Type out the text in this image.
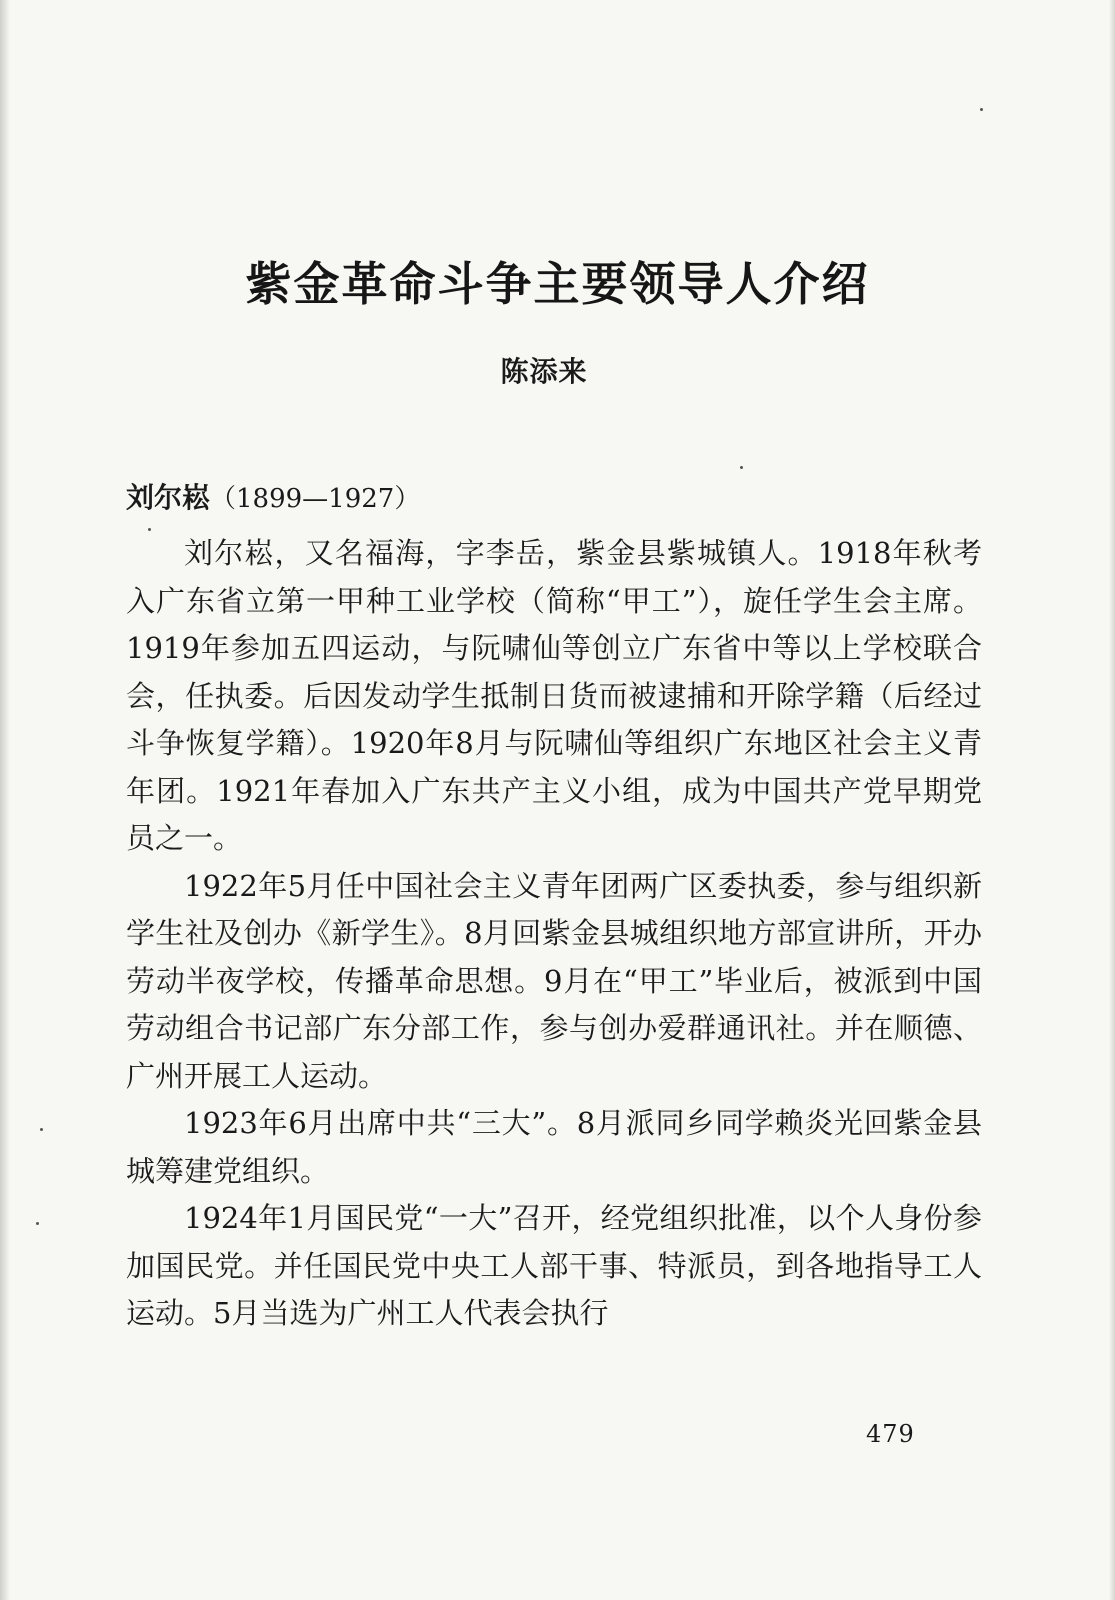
紫金革命斗争主要领导人介绍
陈添来
刘尔崧（1899—1927）

刘尔崧，又名福海，字李岳，紫金县紫城镇人。1918年秋考入广东省立第一甲种工业学校（简称“甲工”），旋任学生会主席。1919年参加五四运动，与阮啸仙等创立广东省中等以上学校联合会，任执委。后因发动学生抵制日货而被逮捕和开除学籍（后经过斗争恢复学籍）。1920年8月与阮啸仙等组织广东地区社会主义青年团。1921年春加入广东共产主义小组，成为中国共产党早期党员之一。

1922年5月任中国社会主义青年团两广区委执委，参与组织新学生社及创办《新学生》。8月回紫金县城组织地方部宣讲所，开办劳动半夜学校，传播革命思想。9月在“甲工”毕业后，被派到中国劳动组合书记部广东分部工作，参与创办爱群通讯社。并在顺德、广州开展工人运动。

1923年6月出席中共“三大”。8月派同乡同学赖炎光回紫金县城筹建党组织。

1924年1月国民党“一大”召开，经党组织批准，以个人身份参加国民党。并任国民党中央工人部干事、特派员，到各地指导工人运动。5月当选为广州工人代表会执行

479
